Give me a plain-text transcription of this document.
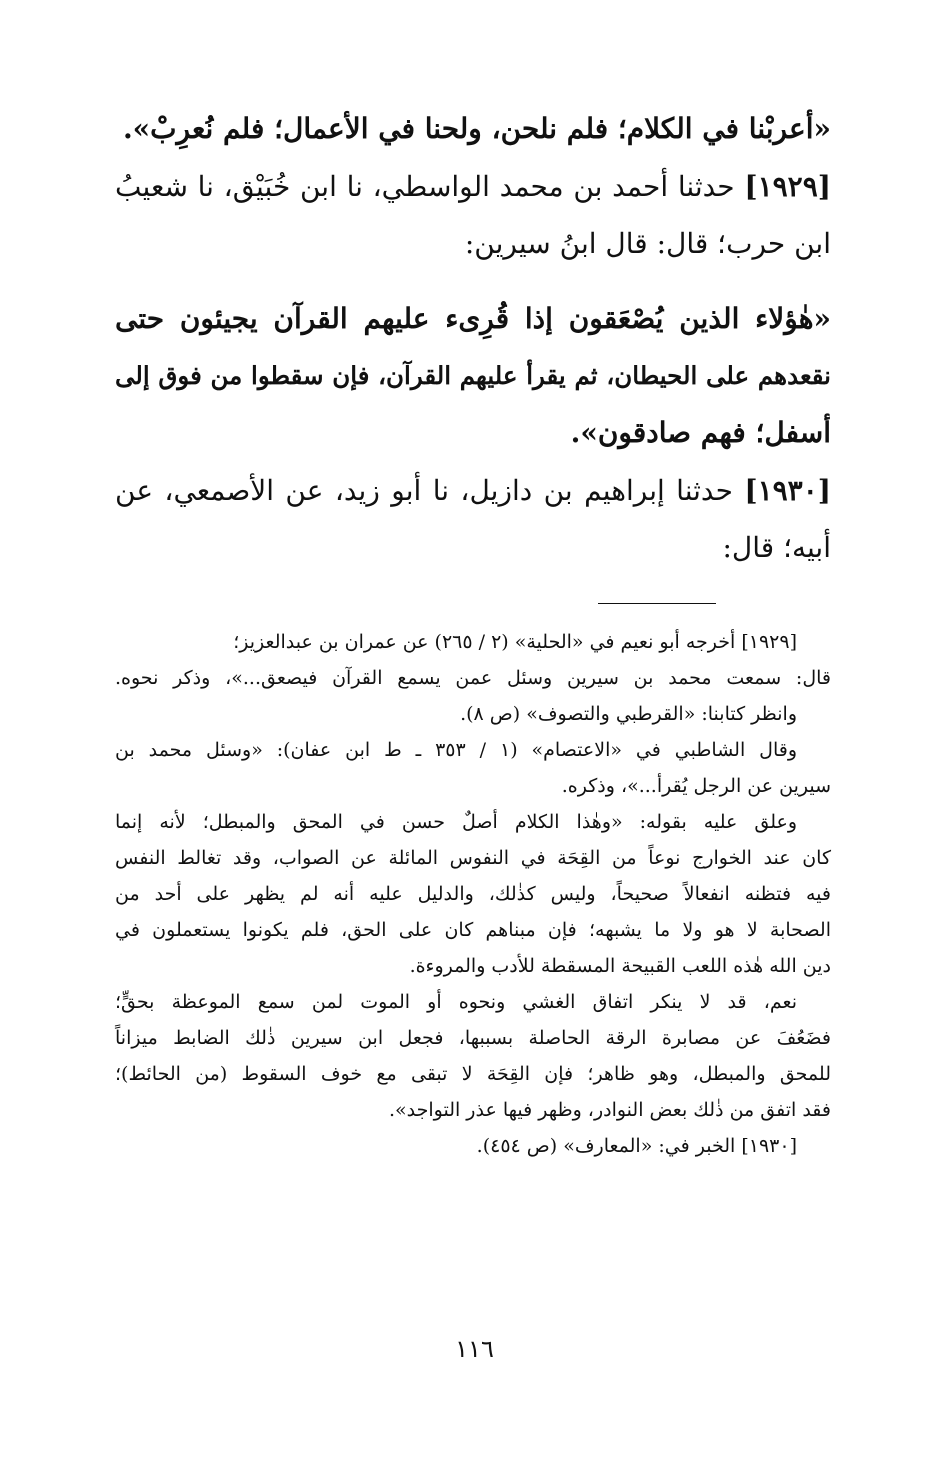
«أعربْنا في الكلام؛ فلم نلحن، ولحنا في الأعمال؛ فلم نُعرِبْ».
[١٩٢٩] حدثنا أحمد بن محمد الواسطي، نا ابن خُبَيْق، نا شعيبُ
ابن حرب؛ قال: قال ابنُ سيرين:
«هٰؤلاء الذين يُصْعَقون إذا قُرِىء عليهم القرآن يجيئون حتى
نقعدهم على الحيطان، ثم يقرأ عليهم القرآن، فإن سقطوا من فوق إلى
أسفل؛ فهم صادقون».
[١٩٣٠] حدثنا إبراهيم بن دازيل، نا أبو زيد، عن الأصمعي، عن
أبيه؛ قال:
[١٩٢٩] أخرجه أبو نعيم في «الحلية» (٢ / ٢٦٥) عن عمران بن عبدالعزيز؛
قال: سمعت محمد بن سيرين وسئل عمن يسمع القرآن فيصعق...»، وذكر نحوه.
وانظر كتابنا: «القرطبي والتصوف» (ص ٨).
وقال الشاطبي في «الاعتصام» (١ / ٣٥٣ ـ ط ابن عفان): «وسئل محمد بن
سيرين عن الرجل يُقرأ...»، وذكره.
وعلق عليه بقوله: «وهٰذا الكلام أصلٌ حسن في المحق والمبطل؛ لأنه إنما
كان عند الخوارج نوعاً من القِحَة في النفوس المائلة عن الصواب، وقد تغالط النفس
فيه فتظنه انفعالاً صحيحاً، وليس كذٰلك، والدليل عليه أنه لم يظهر على أحد من
الصحابة لا هو ولا ما يشبهه؛ فإن مبناهم كان على الحق، فلم يكونوا يستعملون في
دين الله هٰذه اللعب القبيحة المسقطة للأدب والمروءة.
نعم، قد لا ينكر اتفاق الغشي ونحوه أو الموت لمن سمع الموعظة بحقٍّ؛
فضَعُفَ عن مصابرة الرقة الحاصلة بسببها، فجعل ابن سيرين ذٰلك الضابط ميزاناً
للمحق والمبطل، وهو ظاهر؛ فإن القِحَة لا تبقى مع خوف السقوط (من الحائط)؛
فقد اتفق من ذٰلك بعض النوادر، وظهر فيها عذر التواجد».
[١٩٣٠] الخبر في: «المعارف» (ص ٤٥٤).
١١٦
